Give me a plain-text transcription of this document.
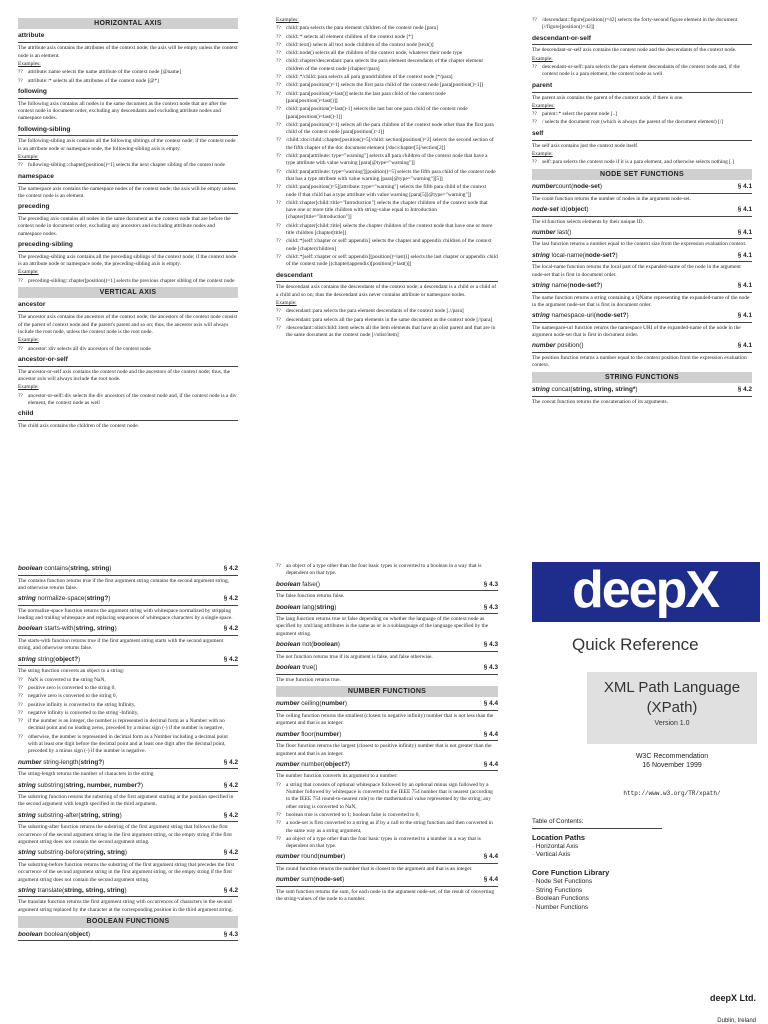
HORIZONTAL AXIS
attribute

The attribute axis contains the attributes of the context node; the axis will be empty unless the context node is an element.

Examples:
?? attribute::name selects the name attribute of the context node [@name]
?? attribute::* selects all the attributes of the context node [@*]
following

The following axis contains all nodes in the same document as the context node that are after the context node in document order, excluding any descendants and excluding attribute nodes and namespace nodes.

following-sibling

The following-sibling axis contains all the following siblings of the context node; if the context node is an attribute node or namespace node, the following-sibling axis is empty.

Example:
?? following-sibling::chapter[position()=1] selects the next chapter sibling of the context node
namespace

The namespace axis contains the namespace nodes of the context node; the axis will be empty unless the context node is an element.

preceding

The preceding axis contains all nodes in the same document as the context node that are before the context node in document order, excluding any ancestors and excluding attribute nodes and namespace nodes.

preceding-sibling

The preceding-sibling axis contains all the preceding siblings of the context node; if the context node is an attribute node or namespace node, the preceding-sibling axis is empty.

Example:
?? preceding-sibling::chapter[position()=1] selects the previous chapter sibling of the context node
VERTICAL AXIS
ancestor

The ancestor axis contains the ancestors of the context node; the ancestors of the context node consist of the parent of context node and the parent's parent and so on; thus, the ancestor axis will always include the root node, unless the context node is the root node.

Example:
?? ancestor::div selects all div ancestors of the context node
ancestor-or-self

The ancestor-or-self axis contains the context node and the ancestors of the context node; thus, the ancestor axis will always include the root node.

Example:
?? ancestor-or-self::div selects the div ancestors of the context node and, if the context node is a div element, the context node as well
child

The child axis contains the children of the context node.

Examples:
?? child::para selects the para element children of the context node [para]
?? child::* selects all element children of the context node [*]
?? child::text() selects all text node children of the context node [text()]
?? child::node() selects all the children of the context node, whatever their node type
?? child::chapter/descendant::para selects the para element descendants of the chapter element children of the context node [chapter//para]
?? child::*/child::para selects all para grandchildren of the context node [*/para]
?? child::para[position()=1] selects the first para child of the context node [para[position()=1]]
?? child::para[position()=last()] selects the last para child of the context node [para[position()=last()]]
?? child::para[position()=last()-1] selects the last but one para child of the context node [para[position()=last()-1]]
?? child::para[position()>1] selects all the para children of the context node other than the first para child of the context node [para[position()>1]]
?? /child::doc/child::chapter[position()=5]/child::section[position()=2] selects the second section of the fifth chapter of the doc document element [/doc/chapter[5]/section[2]]
?? child::para[attribute::type="warning"] selects all para children of the context node that have a type attribute with value warning [para[@type="warning"]]
?? child::para[attribute::type='warning'][position()=5] selects the fifth para child of the context node that has a type attribute with value warning [para[@type="warning"][5]]
?? child::para[position()=5][attribute::type="warning"] selects the fifth para child of the context node if that child has a type attribute with value warning [para[5][@type="warning"]]
?? child::chapter[child::title="Introduction"] selects the chapter children of the context node that have one or more title children with string-value equal to Introduction [chapter[title="Introduction"]]
?? child::chapter[child::title] selects the chapter children of the context node that have one or more title children [chapter[title]]
?? child::*[self::chapter or self::appendix] selects the chapter and appendix children of the context node [chapter|children]
?? child::*[self::chapter or self::appendix][position()=last()] selects the last chapter or appendix child of the context node [(chapter|appendix)[position()=last()]]
descendant

The descendant axis contains the descendants of the context node; a descendant is a child or a child of a child and so on; thus the descendant axis never contains attribute or namespace nodes.

Example:
?? descendant::para selects the para element descendants of the context node [.//para]
?? descendant::para selects all the para elements in the same document as the context node [//para]
?? /descendant::olist/child::item selects all the item elements that have an olist parent and that are in the same document as the context node [//olist/item]
?? /descendant::figure[position()=42] selects the forty-second figure element in the document [//figure[position()=42]]
descendant-or-self

The descendant-or-self axis contains the context node and the descendants of the context node.

Example:
?? descendant-or-self::para selects the para element descendants of the context node and, if the context node is a para element, the context node as well
parent

The parent axis contains the parent of the context node, if there is one.

Examples:
?? parent::* select the parent node [..]
?? / selects the document root (which is always the parent of the document element) [/]
self

The self axis contains just the context node itself.

Example:
?? self::para selects the context node if it is a para element, and otherwise selects nothing [.]
NODE SET FUNCTIONS
numbercount(node-set)	§ 4.1

The count function returns the number of nodes in the argument node-set.

node-set id(object)	§ 4.1

The id function selects elements by their unique ID.

number last()	§ 4.1

The last function returns a number equal to the context size from the expression evaluation context.

string local-name(node-set?)	§ 4.1

The local-name function returns the local part of the expanded-name of the node in the argument node-set that is first in document order.

string name(node-set?)	§ 4.1

The name function returns a string containing a QName representing the expanded-name of the node in the argument node-set that is first in document order.

string namespace-uri(node-set?)	§ 4.1

The namespace-uri function returns the namespace URI of the expanded-name of the node in the argument node-set that is first in document order.

number position()	§ 4.1

The position function returns a number equal to the context position from the expression evaluation context.

STRING FUNCTIONS
string concat(string, string, string*)	§ 4.2

The concat function returns the concatenation of its arguments.

boolean contains(string, string)	§ 4.2

The contains function returns true if the first argument string contains the second argument string, and otherwise returns false.

string normalize-space(string?)	§ 4.2

The normalize-space function returns the argument string with whitespace normalized by stripping leading and trailing whitespace and replacing sequences of whitespace characters by a single space.

boolean starts-with(string, string)	§ 4.2

The starts-with function returns true if the first argument string starts with the second argument string, and otherwise returns false.

string string(object?)	§ 4.2

The string function converts an object to a string:

?? NaN is converted to the string NaN,
?? positive zero is converted to the string 0,
?? negative zero is converted to the string 0,
?? positive infinity is converted to the string Infinity,
?? negative infinity is converted to the string -Infinity,
?? if the number is an integer, the number is represented in decimal form as a Number with no decimal point and no leading zeros, preceded by a minus sign (-) if the number is negative,
?? otherwise, the number is represented in decimal form as a Number including a decimal point with at least one digit before the decimal point and at least one digit after the decimal point, preceded by a minus sign (-) if the number is negative.
number string-length(string?)	§ 4.2

The string-length returns the number of characters in the string

string substring(string, number, number?)	§ 4.2

The substring function returns the substring of the first argument starting at the position specified in the second argument with length specified in the third argument.

string substring-after(string, string)	§ 4.2

The substring-after function returns the substring of the first argument string that follows the first occurrence of the second argument string in the first argument string, or the empty string if the first argument string does not contain the second argument string.

string substring-before(string, string)	§ 4.2

The substring-before function returns the substring of the first argument string that precedes the first occurrence of the second argument string in the first argument string, or the empty string if the first argument string does not contain the second argument string.

string translate(string, string, string)	§ 4.2

The translate function returns the first argument string with occurrences of characters in the second argument string replaced by the character at the corresponding position in the third argument string.

BOOLEAN FUNCTIONS
boolean boolean(object)	§ 4.3
?? an object of a type other than the four basic types is converted to a boolean in a way that is dependent on that type.
boolean false()	§ 4.3

The false function returns false.

boolean lang(string)	§ 4.3

The lang function returns true or false depending on whether the language of the context node as specified by xml:lang attributes is the same as or is a sublanguage of the language specified by the argument string.

boolean not(boolean)	§ 4.3

The not function returns true if its argument is false, and false otherwise.

boolean true()	§ 4.3

The true function returns true.

NUMBER FUNCTIONS
number ceiling(number)	§ 4.4

The ceiling function returns the smallest (closest to negative infinity) number that is not less than the argument and that is an integer.

number floor(number)	§ 4.4

The floor function returns the largest (closest to positive infinity) number that is not greater than the argument and that is an integer.

number number(object?)	§ 4.4

The number function converts its argument to a number:

?? a string that consists of optional whitespace followed by an optional minus sign followed by a Number followed by whitespace is converted to the IEEE 754 number that is nearest (according to the IEEE 754 round-to-nearest rule) to the mathematical value represented by the string; any other string is converted to NaN,
?? boolean true is converted to 1; boolean false is converted to 0,
?? a node-set is first converted to a string as if by a call to the string function and then converted in the same way as a string argument,
?? an object of a type other than the four basic types is converted to a number in a way that is dependent on that type.
number round(number)	§ 4.4

The round function returns the number that is closest to the argument and that is an integer.

number sum(node-set)	§ 4.4

The sum function returns the sum, for each node in the argument node-set, of the result of converting the string-values of the node to a number.

deepX
Quick Reference
XML Path Language
(XPath)
Version 1.0
W3C Recommendation
16 November 1999
http://www.w3.org/TR/xpath/
Table of Contents:
Location Paths
· Horizontal Axis
· Vertical Axis
Core Function Library
· Node Set Functions
· String Functions
· Boolean Functions
· Number Functions
deepX Ltd.
Dublin, Ireland
